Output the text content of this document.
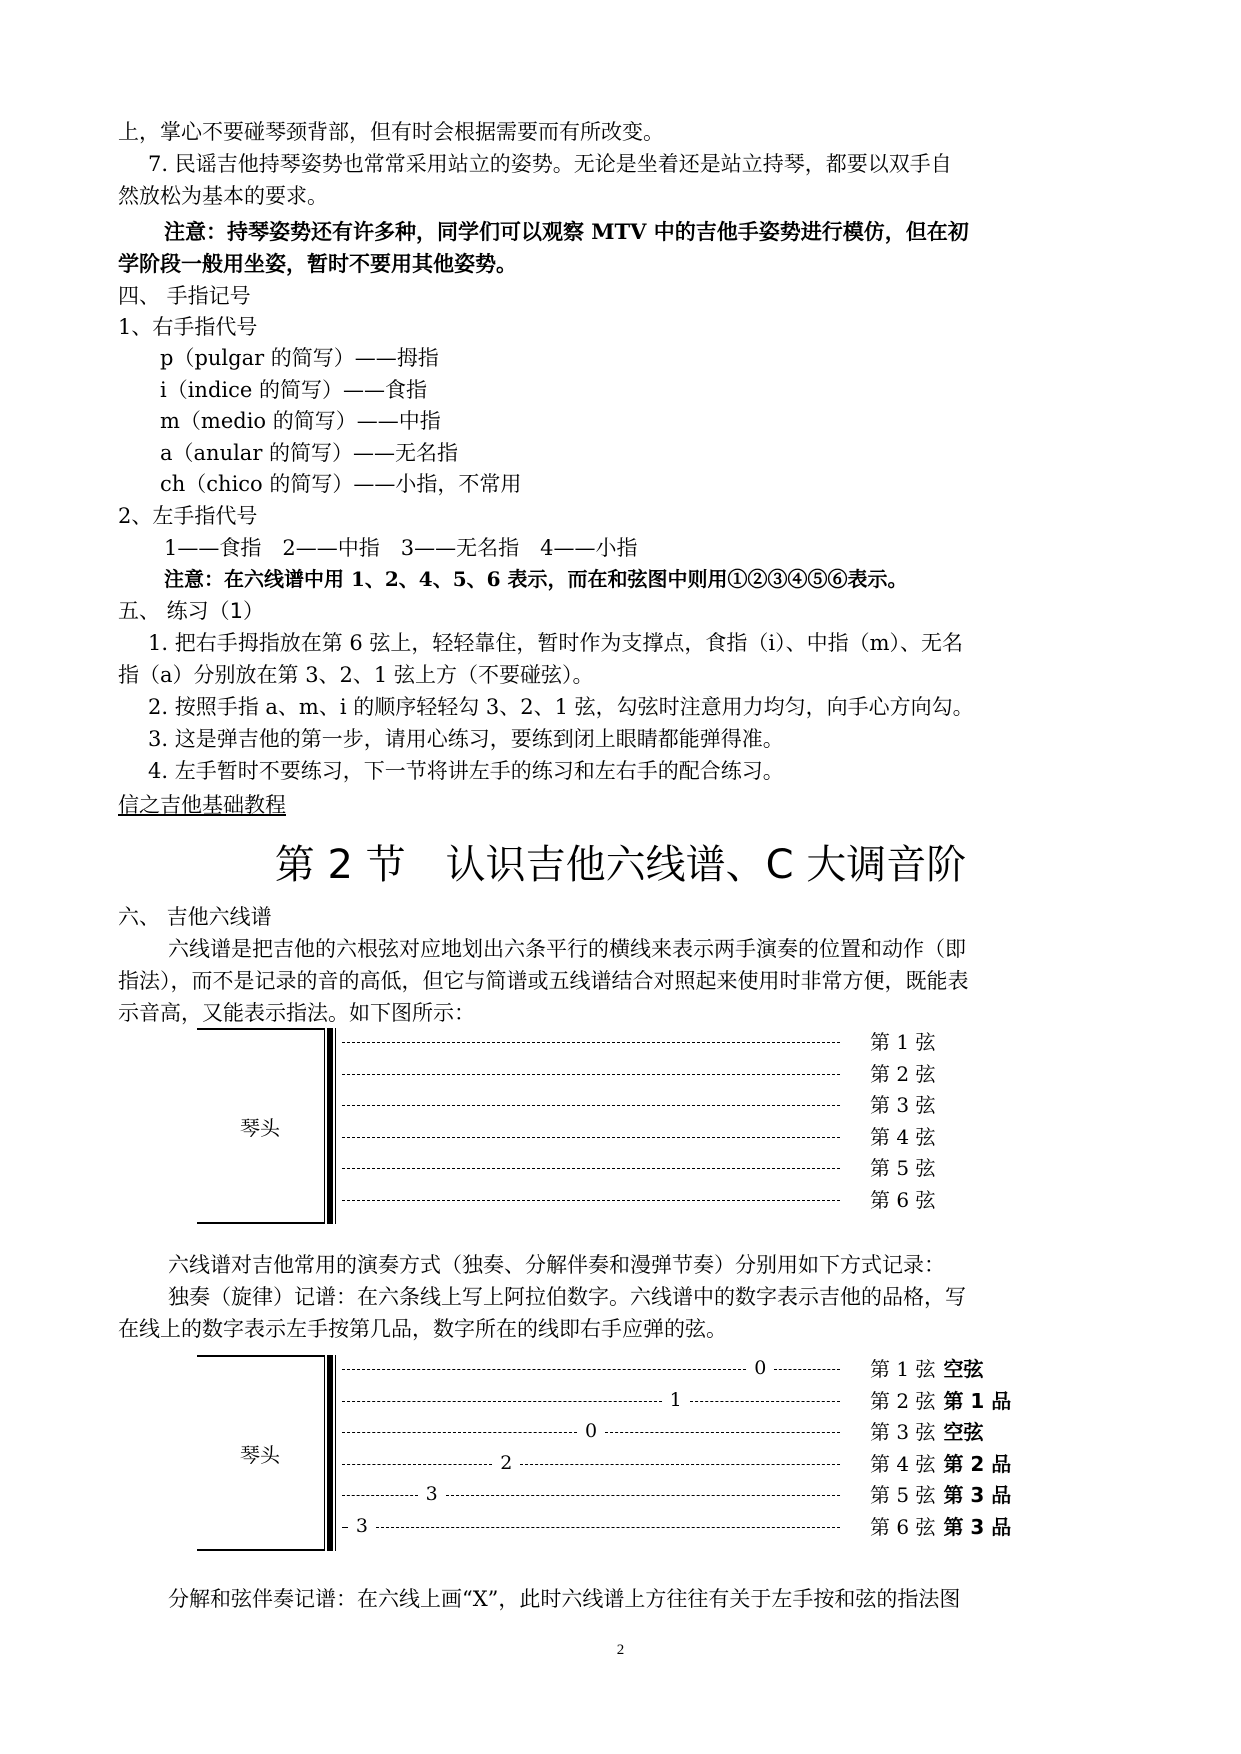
上，掌心不要碰琴颈背部，但有时会根据需要而有所改变。
7. 民谣吉他持琴姿势也常常采用站立的姿势。无论是坐着还是站立持琴，都要以双手自
然放松为基本的要求。
注意：持琴姿势还有许多种，同学们可以观察 MTV 中的吉他手姿势进行模仿，但在初
学阶段一般用坐姿，暂时不要用其他姿势。
四、 手指记号
1、右手指代号
p（pulgar 的简写）——拇指
i（indice 的简写）——食指
m（medio 的简写）——中指
a（anular 的简写）——无名指
ch（chico 的简写）——小指，不常用
2、左手指代号
1——食指　2——中指　3——无名指　4——小指
注意：在六线谱中用 1、2、4、5、6 表示，而在和弦图中则用①②③④⑤⑥表示。
五、 练习（1）
1. 把右手拇指放在第 6 弦上，轻轻靠住，暂时作为支撑点，食指（i）、中指（m）、无名
指（a）分别放在第 3、2、1 弦上方（不要碰弦）。
2. 按照手指 a、m、i 的顺序轻轻勾 3、2、1 弦，勾弦时注意用力均匀，向手心方向勾。
3. 这是弹吉他的第一步，请用心练习，要练到闭上眼睛都能弹得准。
4. 左手暂时不要练习，下一节将讲左手的练习和左右手的配合练习。
信之吉他基础教程
第 2 节　认识吉他六线谱、C 大调音阶
六、 吉他六线谱
六线谱是把吉他的六根弦对应地划出六条平行的横线来表示两手演奏的位置和动作（即
指法），而不是记录的音的高低，但它与简谱或五线谱结合对照起来使用时非常方便，既能表
示音高，又能表示指法。如下图所示：
琴头
第 1 弦
第 2 弦
第 3 弦
第 4 弦
第 5 弦
第 6 弦
六线谱对吉他常用的演奏方式（独奏、分解伴奏和漫弹节奏）分别用如下方式记录：
独奏（旋律）记谱：在六条线上写上阿拉伯数字。六线谱中的数字表示吉他的品格，写
在线上的数字表示左手按第几品，数字所在的线即右手应弹的弦。
琴头
0	第 1 弦 空弦
1	第 2 弦 第 1 品
0	第 3 弦 空弦
2	第 4 弦 第 2 品
3	第 5 弦 第 3 品
3	第 6 弦 第 3 品
分解和弦伴奏记谱：在六线上画“X”，此时六线谱上方往往有关于左手按和弦的指法图
2
